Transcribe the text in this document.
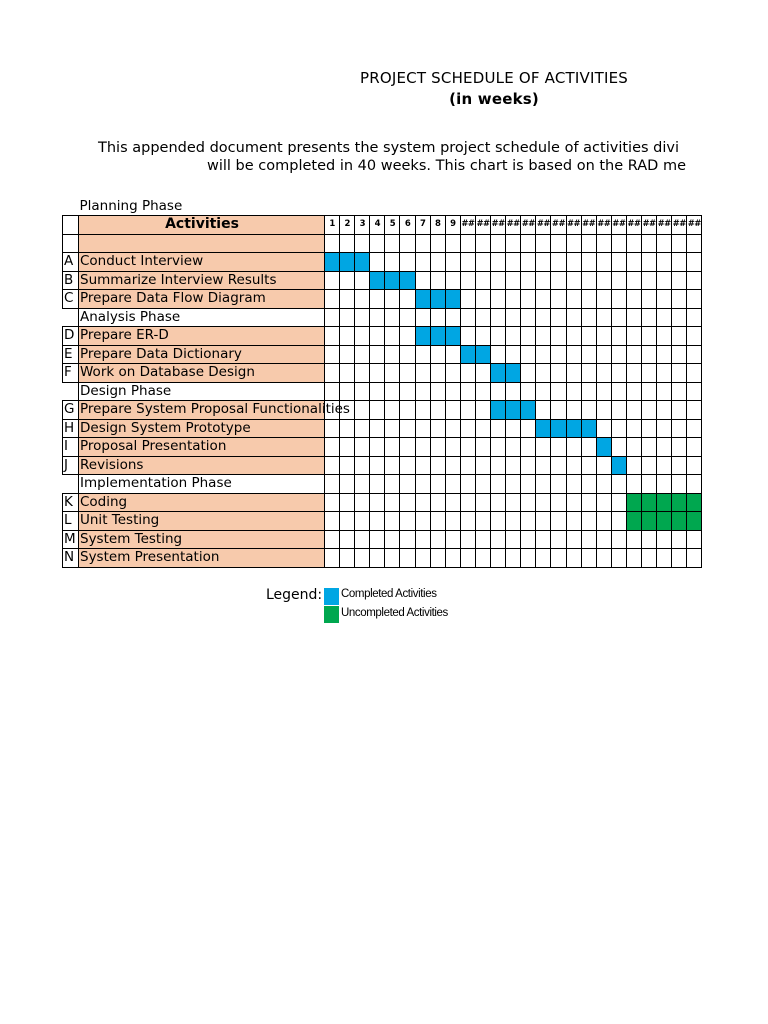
PROJECT SCHEDULE OF ACTIVITIES
(in weeks)
This appended document presents the system project schedule of activities divi
will be completed in 40 weeks. This chart is based on the RAD me
	Planning Phase																									
	Activities	1	2	3	4	5	6	7	8	9	##	##	##	##	##	##	##	##	##	##	##	##	##	##	##	##

A	Conduct Interview																									

B	Summarize Interview Results																									

C	Prepare Data Flow Diagram																									

	Analysis Phase																									

D	Prepare ER-D																									

E	Prepare Data Dictionary																									

F	Work on Database Design																									

	Design Phase																									

G	Prepare System Proposal Functionalities																									

H	Design System Prototype																									

I	Proposal Presentation																									

J	Revisions																									

	Implementation Phase																									

K	Coding																									

L	Unit Testing																									

M	System Testing																									

N	System Presentation																									

Legend: Completed Activities
Uncompleted Activities
